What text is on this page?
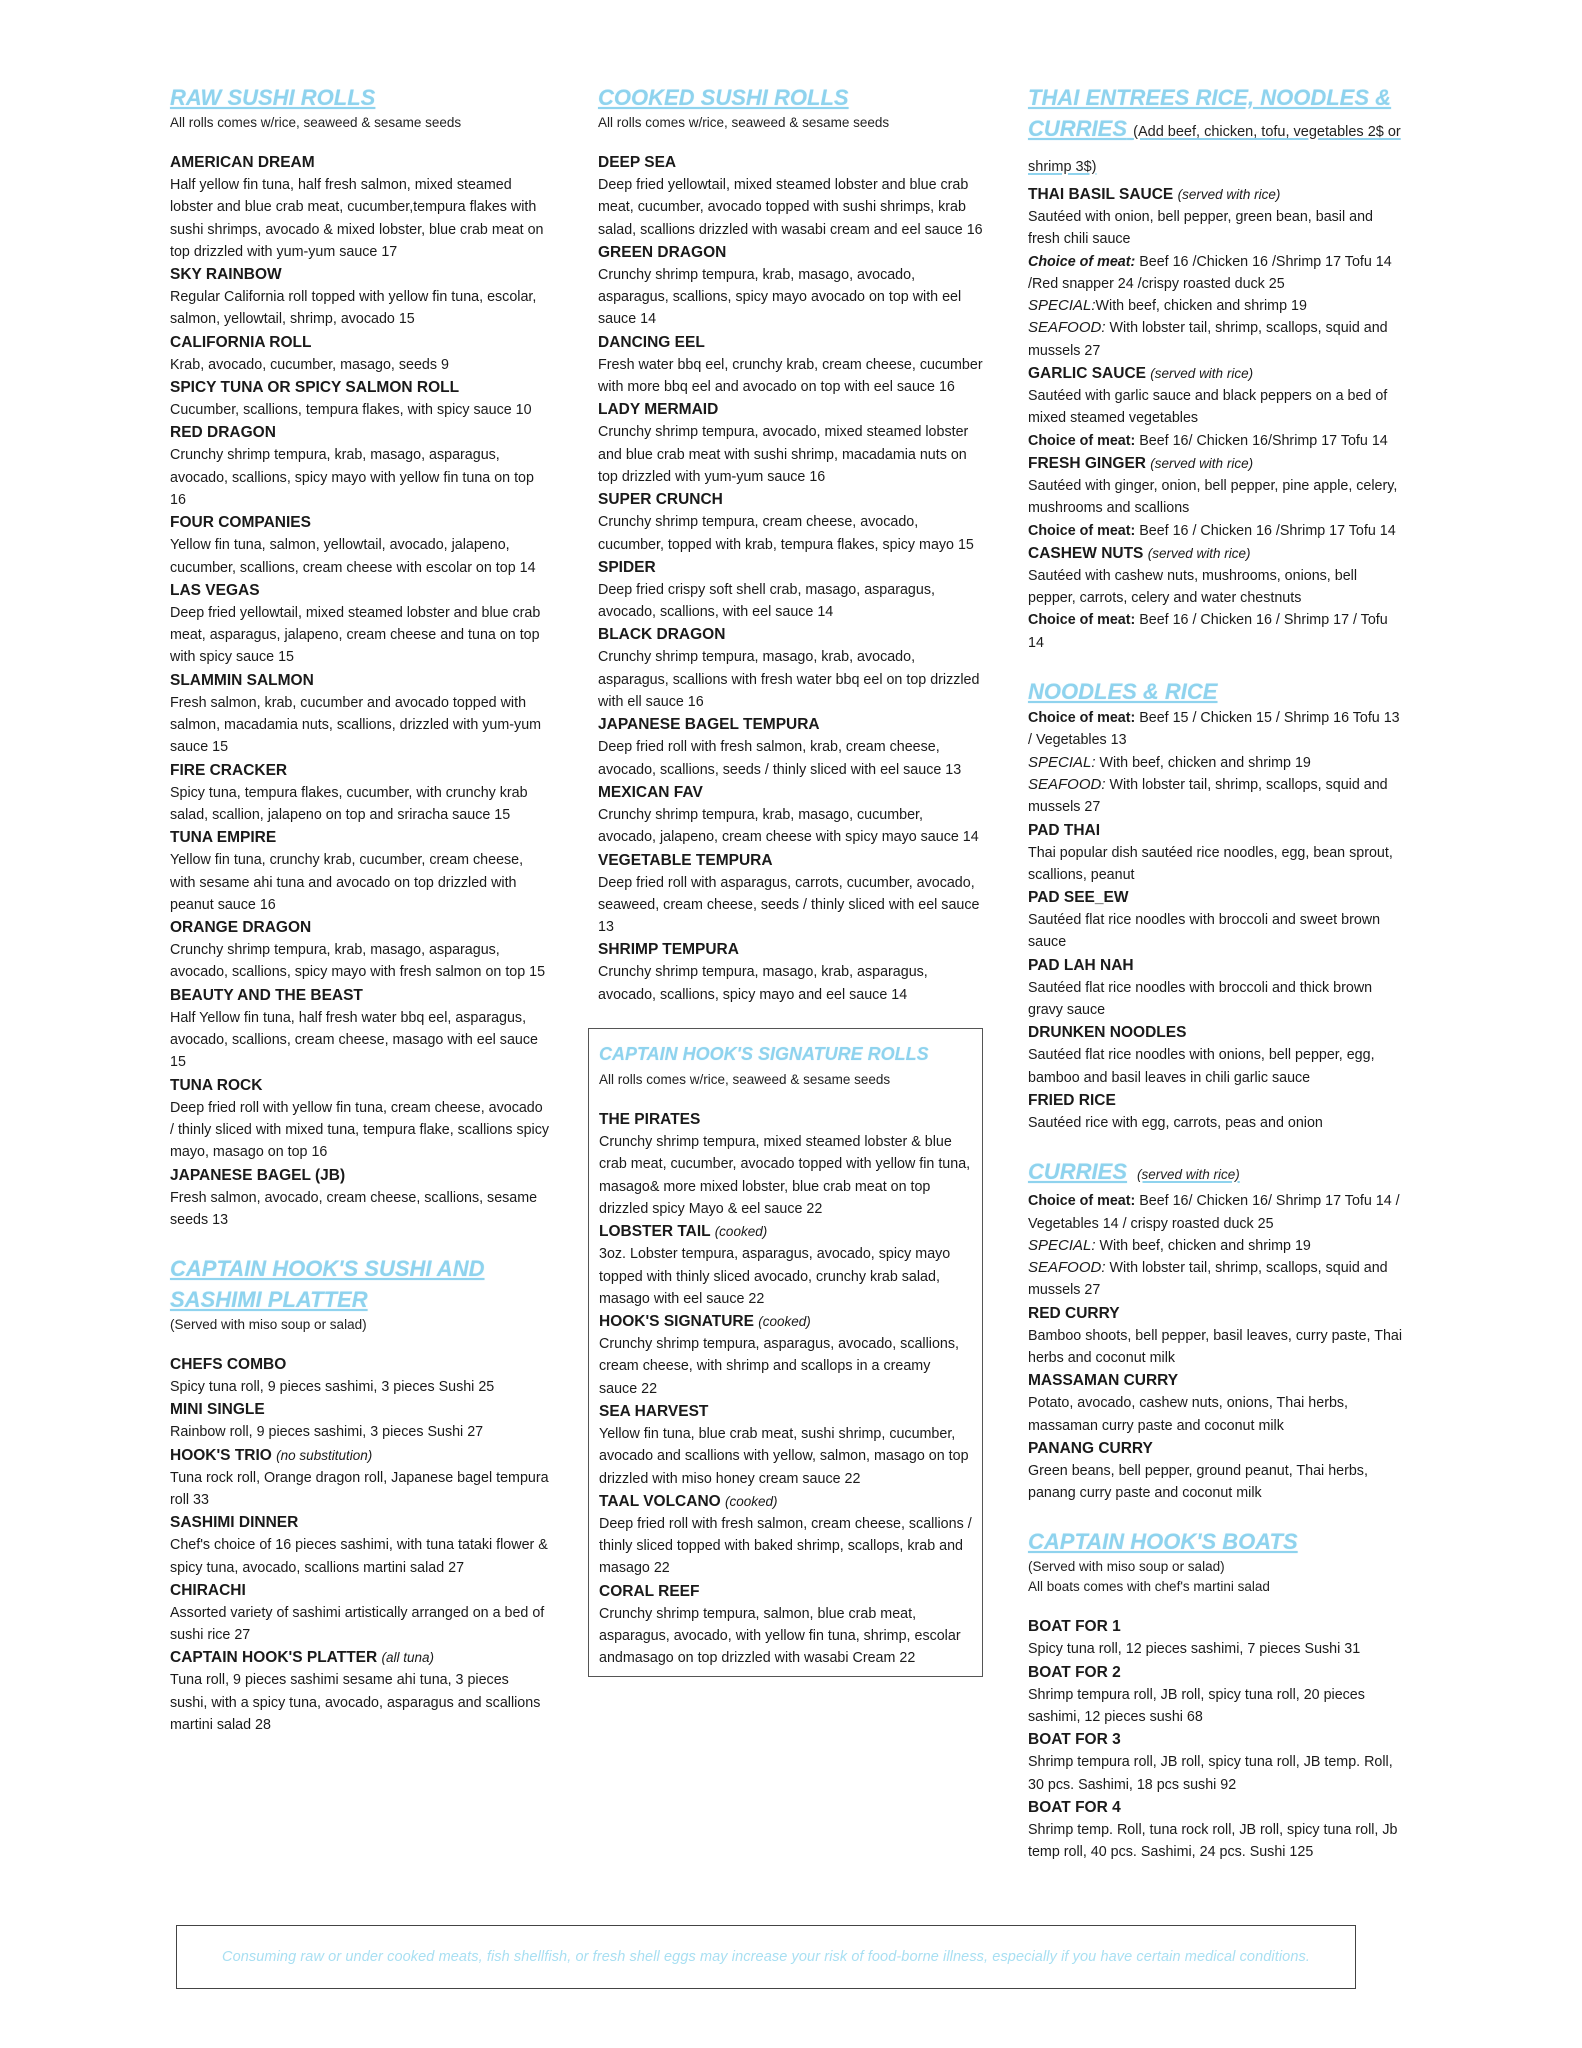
RAW SUSHI ROLLS
All rolls comes w/rice, seaweed & sesame seeds
AMERICAN DREAM
Half yellow fin tuna, half fresh salmon, mixed steamed lobster and blue crab meat, cucumber,tempura flakes with sushi shrimps, avocado & mixed lobster, blue crab meat on top drizzled with yum-yum sauce 17
SKY RAINBOW
Regular California roll topped with yellow fin tuna, escolar, salmon, yellowtail, shrimp, avocado 15
CALIFORNIA ROLL
Krab, avocado, cucumber, masago, seeds 9
SPICY TUNA OR SPICY SALMON ROLL
Cucumber, scallions, tempura flakes, with spicy sauce 10
RED DRAGON
Crunchy shrimp tempura, krab, masago, asparagus, avocado, scallions, spicy mayo with yellow fin tuna on top 16
FOUR COMPANIES
Yellow fin tuna, salmon, yellowtail, avocado, jalapeno, cucumber, scallions, cream cheese with escolar on top 14
LAS VEGAS
Deep fried yellowtail, mixed steamed lobster and blue crab meat, asparagus, jalapeno, cream cheese and tuna on top with spicy sauce 15
SLAMMIN SALMON
Fresh salmon, krab, cucumber and avocado topped with salmon, macadamia nuts, scallions, drizzled with yum-yum sauce 15
FIRE CRACKER
Spicy tuna, tempura flakes, cucumber, with crunchy krab salad, scallion, jalapeno on top and sriracha sauce 15
TUNA EMPIRE
Yellow fin tuna, crunchy krab, cucumber, cream cheese, with sesame ahi tuna and avocado on top drizzled with peanut sauce 16
ORANGE DRAGON
Crunchy shrimp tempura, krab, masago, asparagus, avocado, scallions, spicy mayo with fresh salmon on top 15
BEAUTY AND THE BEAST
Half Yellow fin tuna, half fresh water bbq eel, asparagus, avocado, scallions, cream cheese, masago with eel sauce 15
TUNA ROCK
Deep fried roll with yellow fin tuna, cream cheese, avocado / thinly sliced with mixed tuna, tempura flake, scallions spicy mayo, masago on top 16
JAPANESE BAGEL (JB)
Fresh salmon, avocado, cream cheese, scallions, sesame seeds 13
CAPTAIN HOOK'S SUSHI AND SASHIMI PLATTER
(Served with miso soup or salad)
CHEFS COMBO
Spicy tuna roll, 9 pieces sashimi, 3 pieces Sushi 25
MINI SINGLE
Rainbow roll, 9 pieces sashimi, 3 pieces Sushi 27
HOOK'S TRIO (no substitution)
Tuna rock roll, Orange dragon roll, Japanese bagel tempura roll 33
SASHIMI DINNER
Chef's choice of 16 pieces sashimi, with tuna tataki flower & spicy tuna, avocado, scallions martini salad 27
CHIRACHI
Assorted variety of sashimi artistically arranged on a bed of sushi rice 27
CAPTAIN HOOK'S PLATTER (all tuna)
Tuna roll, 9 pieces sashimi sesame ahi tuna, 3 pieces sushi, with a spicy tuna, avocado, asparagus and scallions martini salad 28
COOKED SUSHI ROLLS
All rolls comes w/rice, seaweed & sesame seeds
DEEP SEA
Deep fried yellowtail, mixed steamed lobster and blue crab meat, cucumber, avocado topped with sushi shrimps, krab salad, scallions drizzled with wasabi cream and eel sauce 16
GREEN DRAGON
Crunchy shrimp tempura, krab, masago, avocado, asparagus, scallions, spicy mayo avocado on top with eel sauce 14
DANCING EEL
Fresh water bbq eel, crunchy krab, cream cheese, cucumber with more bbq eel and avocado on top with eel sauce 16
LADY MERMAID
Crunchy shrimp tempura, avocado, mixed steamed lobster and blue crab meat with sushi shrimp, macadamia nuts on top drizzled with yum-yum sauce 16
SUPER CRUNCH
Crunchy shrimp tempura, cream cheese, avocado, cucumber, topped with krab, tempura flakes, spicy mayo 15
SPIDER
Deep fried crispy soft shell crab, masago, asparagus, avocado, scallions, with eel sauce 14
BLACK DRAGON
Crunchy shrimp tempura, masago, krab, avocado, asparagus, scallions with fresh water bbq eel on top drizzled with ell sauce 16
JAPANESE BAGEL TEMPURA
Deep fried roll with fresh salmon, krab, cream cheese, avocado, scallions, seeds / thinly sliced with eel sauce 13
MEXICAN FAV
Crunchy shrimp tempura, krab, masago, cucumber, avocado, jalapeno, cream cheese with spicy mayo sauce 14
VEGETABLE TEMPURA
Deep fried roll with asparagus, carrots, cucumber, avocado, seaweed, cream cheese, seeds / thinly sliced with eel sauce 13
SHRIMP TEMPURA
Crunchy shrimp tempura, masago, krab, asparagus, avocado, scallions, spicy mayo and eel sauce 14
CAPTAIN HOOK'S SIGNATURE ROLLS
All rolls comes w/rice, seaweed & sesame seeds
THE PIRATES
Crunchy shrimp tempura, mixed steamed lobster & blue crab meat, cucumber, avocado topped with yellow fin tuna, masago& more mixed lobster, blue crab meat on top drizzled spicy Mayo & eel sauce 22
LOBSTER TAIL (cooked)
3oz. Lobster tempura, asparagus, avocado, spicy mayo topped with thinly sliced avocado, crunchy krab salad, masago with eel sauce 22
HOOK'S SIGNATURE (cooked)
Crunchy shrimp tempura, asparagus, avocado, scallions, cream cheese, with shrimp and scallops in a creamy sauce 22
SEA HARVEST
Yellow fin tuna, blue crab meat, sushi shrimp, cucumber, avocado and scallions with yellow, salmon, masago on top drizzled with miso honey cream sauce 22
TAAL VOLCANO (cooked)
Deep fried roll with fresh salmon, cream cheese, scallions / thinly sliced topped with baked shrimp, scallops, krab and masago 22
CORAL REEF
Crunchy shrimp tempura, salmon, blue crab meat, asparagus, avocado, with yellow fin tuna, shrimp, escolar andmasago on top drizzled with wasabi Cream 22
THAI ENTREES RICE, NOODLES & CURRIES (Add beef, chicken, tofu, vegetables 2$ or shrimp 3$)
THAI BASIL SAUCE (served with rice)
Sautéed with onion, bell pepper, green bean, basil and fresh chili sauce
Choice of meat: Beef 16 /Chicken 16 /Shrimp 17 Tofu 14 /Red snapper 24 /crispy roasted duck 25
SPECIAL:With beef, chicken and shrimp 19
SEAFOOD: With lobster tail, shrimp, scallops, squid and mussels 27
GARLIC SAUCE (served with rice)
Sautéed with garlic sauce and black peppers on a bed of mixed steamed vegetables
Choice of meat: Beef 16/ Chicken 16/Shrimp 17 Tofu 14
FRESH GINGER (served with rice)
Sautéed with ginger, onion, bell pepper, pine apple, celery, mushrooms and scallions
Choice of meat: Beef 16 / Chicken 16 /Shrimp 17 Tofu 14
CASHEW NUTS (served with rice)
Sautéed with cashew nuts, mushrooms, onions, bell pepper, carrots, celery and water chestnuts
Choice of meat: Beef 16 / Chicken 16 / Shrimp 17 / Tofu 14
NOODLES & RICE
Choice of meat: Beef 15 / Chicken 15 / Shrimp 16 Tofu 13 / Vegetables 13
SPECIAL: With beef, chicken and shrimp 19
SEAFOOD: With lobster tail, shrimp, scallops, squid and mussels 27
PAD THAI
Thai popular dish sautéed rice noodles, egg, bean sprout, scallions, peanut
PAD SEE_EW
Sautéed flat rice noodles with broccoli and sweet brown sauce
PAD LAH NAH
Sautéed flat rice noodles with broccoli and thick brown gravy sauce
DRUNKEN NOODLES
Sautéed flat rice noodles with onions, bell pepper, egg, bamboo and basil leaves in chili garlic sauce
FRIED RICE
Sautéed rice with egg, carrots, peas and onion
CURRIES (served with rice)
Choice of meat: Beef 16/ Chicken 16/ Shrimp 17 Tofu 14 / Vegetables 14 / crispy roasted duck 25
SPECIAL: With beef, chicken and shrimp 19
SEAFOOD: With lobster tail, shrimp, scallops, squid and mussels 27
RED CURRY
Bamboo shoots, bell pepper, basil leaves, curry paste, Thai herbs and coconut milk
MASSAMAN CURRY
Potato, avocado, cashew nuts, onions, Thai herbs, massaman curry paste and coconut milk
PANANG CURRY
Green beans, bell pepper, ground peanut, Thai herbs, panang curry paste and coconut milk
CAPTAIN HOOK'S BOATS
(Served with miso soup or salad)
All boats comes with chef's martini salad
BOAT FOR 1
Spicy tuna roll, 12 pieces sashimi, 7 pieces Sushi 31
BOAT FOR 2
Shrimp tempura roll, JB roll, spicy tuna roll, 20 pieces sashimi, 12 pieces sushi 68
BOAT FOR 3
Shrimp tempura roll, JB roll, spicy tuna roll, JB temp. Roll, 30 pcs. Sashimi, 18 pcs sushi 92
BOAT FOR 4
Shrimp temp. Roll, tuna rock roll, JB roll, spicy tuna roll, Jb temp roll, 40 pcs. Sashimi, 24 pcs. Sushi 125
Consuming raw or under cooked meats, fish shellfish, or fresh shell eggs may increase your risk of food-borne illness, especially if you have certain medical conditions.
